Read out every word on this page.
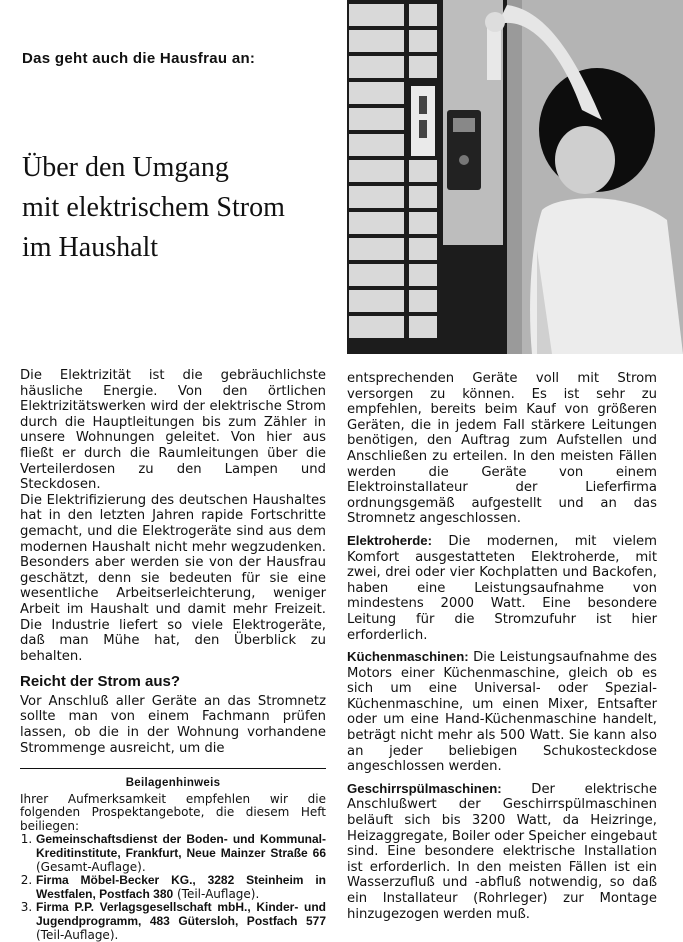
Das geht auch die Hausfrau an:
Über den Umgang
mit elektrischem Strom
im Haushalt

Die Elektrizität ist die gebräuchlichste häusliche Energie. Von den örtlichen Elektrizitätswerken wird der elektrische Strom durch die Hauptleitungen bis zum Zähler in unsere Wohnungen geleitet. Von hier aus fließt er durch die Raumleitungen über die Verteilerdosen zu den Lampen und Steckdosen.

Die Elektrifizierung des deutschen Haushaltes hat in den letzten Jahren rapide Fortschritte gemacht, und die Elektrogeräte sind aus dem modernen Haushalt nicht mehr wegzudenken. Besonders aber werden sie von der Hausfrau geschätzt, denn sie bedeuten für sie eine wesentliche Arbeitserleichterung, weniger Arbeit im Haushalt und damit mehr Freizeit. Die Industrie liefert so viele Elektrogeräte, daß man Mühe hat, den Überblick zu behalten.

Reicht der Strom aus?

Vor Anschluß aller Geräte an das Stromnetz sollte man von einem Fachmann prüfen lassen, ob die in der Wohnung vorhandene Strommenge ausreicht, um die

Beilagenhinweis
Ihrer Aufmerksamkeit empfehlen wir die folgenden Prospektangebote, die diesem Heft beiliegen:
1. Gemeinschaftsdienst der Boden- und Kommunal-Kreditinstitute, Frankfurt, Neue Mainzer Straße 66 (Gesamt-Auflage).
2. Firma Möbel-Becker KG., 3282 Steinheim in Westfalen, Postfach 380 (Teil-Auflage).
3. Firma P.P. Verlagsgesellschaft mbH., Kinder- und Jugendprogramm, 483 Gütersloh, Postfach 577 (Teil-Auflage).

entsprechenden Geräte voll mit Strom versorgen zu können. Es ist sehr zu empfehlen, bereits beim Kauf von größeren Geräten, die in jedem Fall stärkere Leitungen benötigen, den Auftrag zum Aufstellen und Anschließen zu erteilen. In den meisten Fällen werden die Geräte von einem Elektroinstallateur der Lieferfirma ordnungsgemäß aufgestellt und an das Stromnetz angeschlossen.

Elektroherde: Die modernen, mit vielem Komfort ausgestatteten Elektroherde, mit zwei, drei oder vier Kochplatten und Backofen, haben eine Leistungsaufnahme von mindestens 2000 Watt. Eine besondere Leitung für die Stromzufuhr ist hier erforderlich.

Küchenmaschinen: Die Leistungsaufnahme des Motors einer Küchenmaschine, gleich ob es sich um eine Universal- oder Spezial-Küchenmaschine, um einen Mixer, Entsafter oder um eine Hand-Küchenmaschine handelt, beträgt nicht mehr als 500 Watt. Sie kann also an jeder beliebigen Schukosteckdose angeschlossen werden.

Geschirrspülmaschinen: Der elektrische Anschlußwert der Geschirrspülmaschinen beläuft sich bis 3200 Watt, da Heizringe, Heizaggregate, Boiler oder Speicher eingebaut sind. Eine besondere elektrische Installation ist erforderlich. In den meisten Fällen ist ein Wasserzufluß und -abfluß notwendig, so daß ein Installateur (Rohrleger) zur Montage hinzugezogen werden muß.
